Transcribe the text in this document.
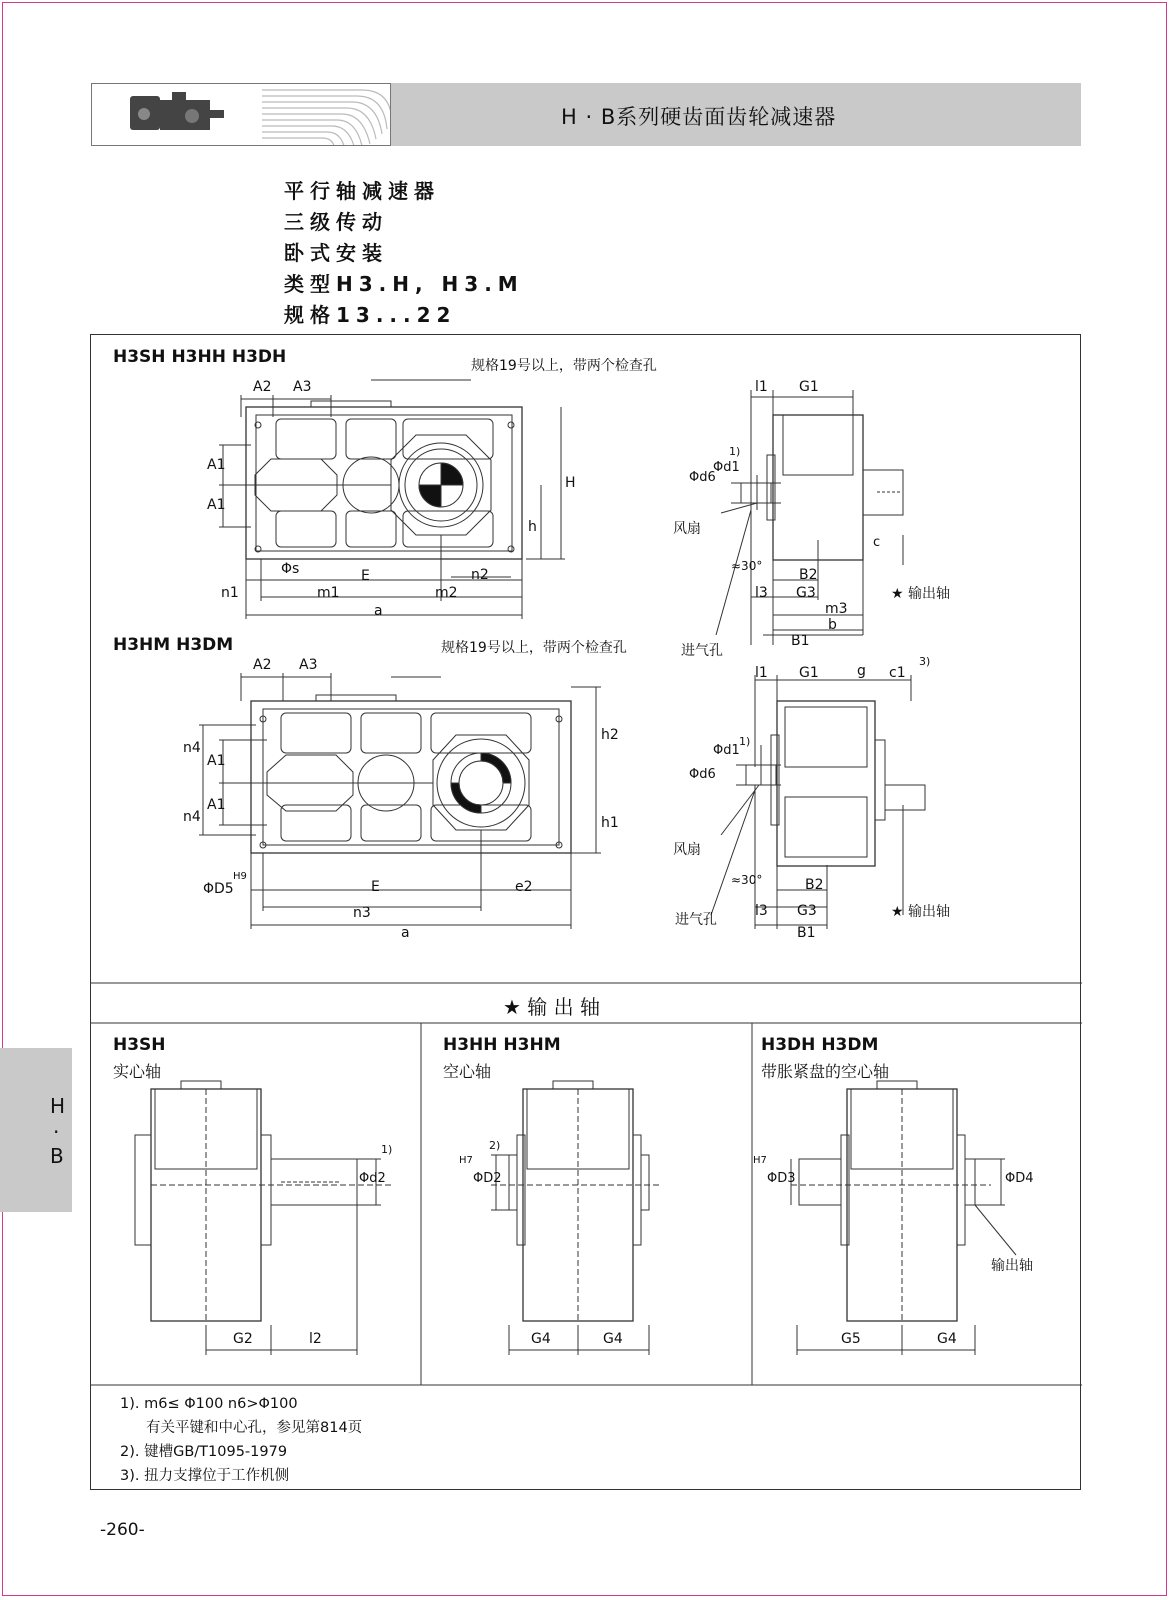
H · B系列硬齿面齿轮减速器
平行轴减速器
三级传动
卧式安装
类型H3.H, H3.M
规格13...22
H3SH H3HH H3DH	规格19号以上，带两个检查孔
A2 A3
A1
A1
H
h
Φs	E	n2
n1	m1	m2
a
l1 G1
Φd6
Φd1
1)
风扇
c
≈30°
B2
l3 G3	★ 输出轴
m3
b
B1
进气孔
H3HM H3DM	规格19号以上，带两个检查孔
A2 A3
n4
A1
A1
n4
h2
h1
H9
ΦD5	E	e2
n3
a
l1 G1	g c1
3)
Φd1
1)
Φd6
风扇
≈30°	B2
进气孔
l3 G3	★ 输出轴
B1
★ 输 出 轴
H3SH
实心轴
1)
Φd2
G2	l2
H3HH H3HM
空心轴
2)
H7
ΦD2
G4	G4
H3DH H3DM
带胀紧盘的空心轴
H7
ΦD3	ΦD4
输出轴
G5	G4
1). m6≤ Φ100 n6>Φ100
有关平键和中心孔，参见第814页
2). 键槽GB/T1095-1979
3). 扭力支撑位于工作机侧
H
·
B
-260-
